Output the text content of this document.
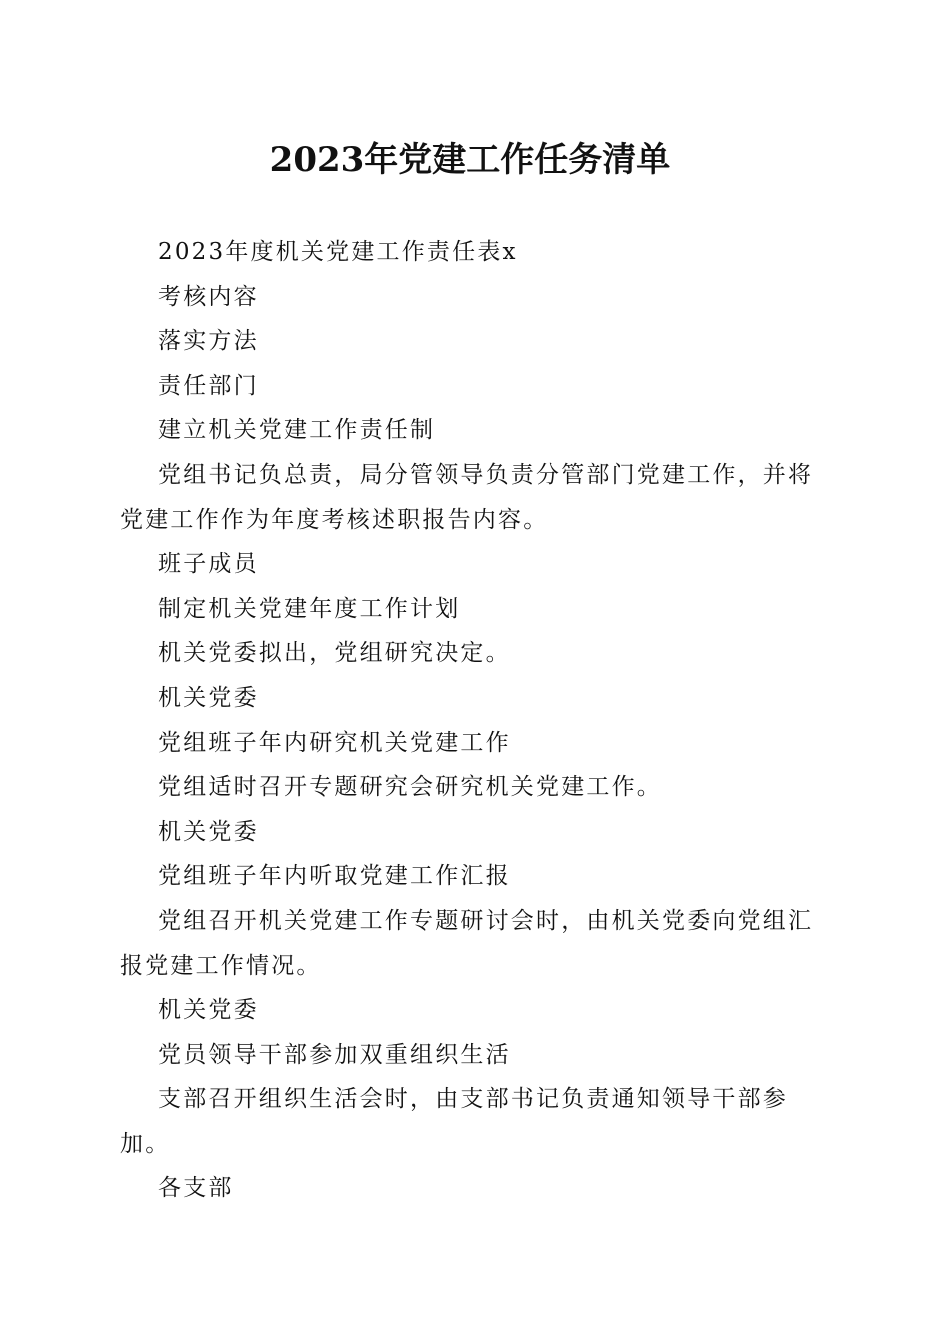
2023年党建工作任务清单

2023年度机关党建工作责任表x

考核内容

落实方法

责任部门

建立机关党建工作责任制

党组书记负总责，局分管领导负责分管部门党建工作，并将党建工作作为年度考核述职报告内容。

班子成员

制定机关党建年度工作计划

机关党委拟出，党组研究决定。

机关党委

党组班子年内研究机关党建工作

党组适时召开专题研究会研究机关党建工作。

机关党委

党组班子年内听取党建工作汇报

党组召开机关党建工作专题研讨会时，由机关党委向党组汇报党建工作情况。

机关党委

党员领导干部参加双重组织生活

支部召开组织生活会时，由支部书记负责通知领导干部参加。

各支部
